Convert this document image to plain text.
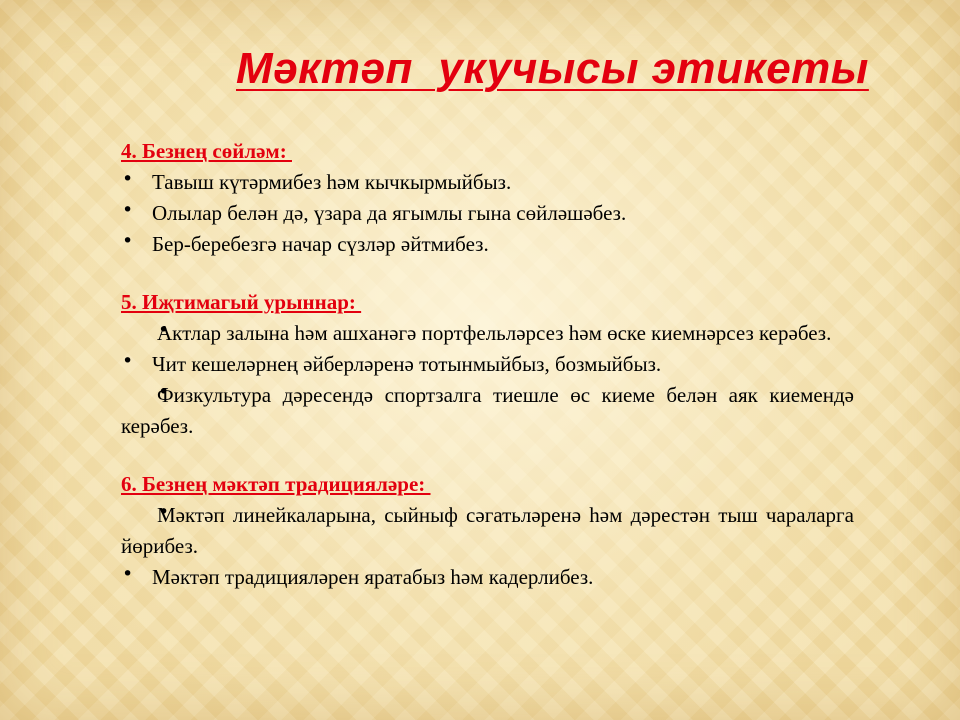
Мәктәп  укучысы этикеты

4. Безнең сөйләм:

• Тавыш күтәрмибез һәм кычкырмыйбыз.
• Олылар белән дә, үзара да ягымлы гына сөйләшәбез.
• Бер-беребезгә начар сүзләр әйтмибез.

5. Иҗтимагый урыннар:

• Актлар залына һәм ашханәгә портфельләрсез һәм өске киемнәрсез керәбез.
• Чит кешеләрнең әйберләренә тотынмыйбыз, бозмыйбыз.
• Физкультура дәресендә спортзалга тиешле өс киеме белән аяк киемендә керәбез.

6. Безнең мәктәп традицияләре:

• Мәктәп линейкаларына, сыйныф сәгатьләренә һәм дәрестән тыш чараларга йөрибез.
• Мәктәп традицияләрен яратабыз һәм кадерлибез.
